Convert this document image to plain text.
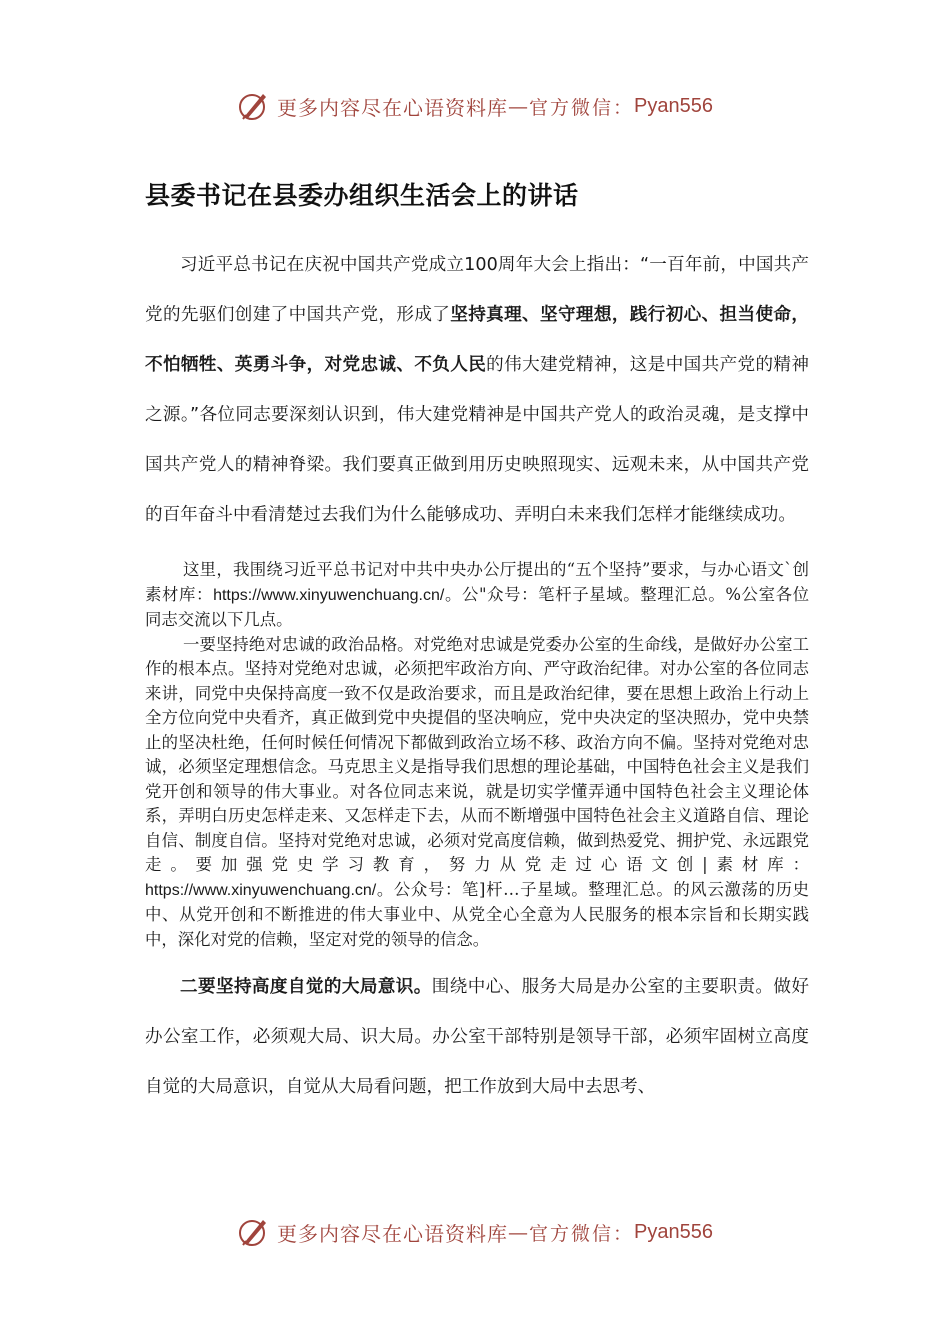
更多内容尽在心语资料库 — 官方微信： Pyan556
县委书记在县委办组织生活会上的讲话

习近平总书记在庆祝中国共产党成立100周年大会上指出：“一百年前，中国共产党的先驱们创建了中国共产党，形成了坚持真理、坚守理想，践行初心、担当使命，不怕牺牲、英勇斗争，对党忠诚、不负人民的伟大建党精神，这是中国共产党的精神之源。”各位同志要深刻认识到，伟大建党精神是中国共产党人的政治灵魂，是支撑中国共产党人的精神脊梁。我们要真正做到用历史映照现实、远观未来，从中国共产党的百年奋斗中看清楚过去我们为什么能够成功、弄明白未来我们怎样才能继续成功。

这里，我围绕习近平总书记对中共中央办公厅提出的“五个坚持”要求，与办心语文`创素材库：https://www.xinyuwenchuang.cn/。公"众号：笔杆子星域。整理汇总。%公室各位同志交流以下几点。

一要坚持绝对忠诚的政治品格。对党绝对忠诚是党委办公室的生命线，是做好办公室工作的根本点。坚持对党绝对忠诚，必须把牢政治方向、严守政治纪律。对办公室的各位同志来讲，同党中央保持高度一致不仅是政治要求，而且是政治纪律，要在思想上政治上行动上全方位向党中央看齐，真正做到党中央提倡的坚决响应，党中央决定的坚决照办，党中央禁止的坚决杜绝，任何时候任何情况下都做到政治立场不移、政治方向不偏。坚持对党绝对忠诚，必须坚定理想信念。马克思主义是指导我们思想的理论基础，中国特色社会主义是我们党开创和领导的伟大事业。对各位同志来说，就是切实学懂弄通中国特色社会主义理论体系，弄明白历史怎样走来、又怎样走下去，从而不断增强中国特色社会主义道路自信、理论自信、制度自信。坚持对党绝对忠诚，必须对党高度信赖，做到热爱党、拥护党、永远跟党走。要加强党史学习教育，努力从党走过心语文创|素材库：https://www.xinyuwenchuang.cn/。公众号：笔]杆…子星域。整理汇总。的风云激荡的历史中、从党开创和不断推进的伟大事业中、从党全心全意为人民服务的根本宗旨和长期实践中，深化对党的信赖，坚定对党的领导的信念。

二要坚持高度自觉的大局意识。围绕中心、服务大局是办公室的主要职责。做好办公室工作，必须观大局、识大局。办公室干部特别是领导干部，必须牢固树立高度自觉的大局意识，自觉从大局看问题，把工作放到大局中去思考、

更多内容尽在心语资料库 — 官方微信： Pyan556
